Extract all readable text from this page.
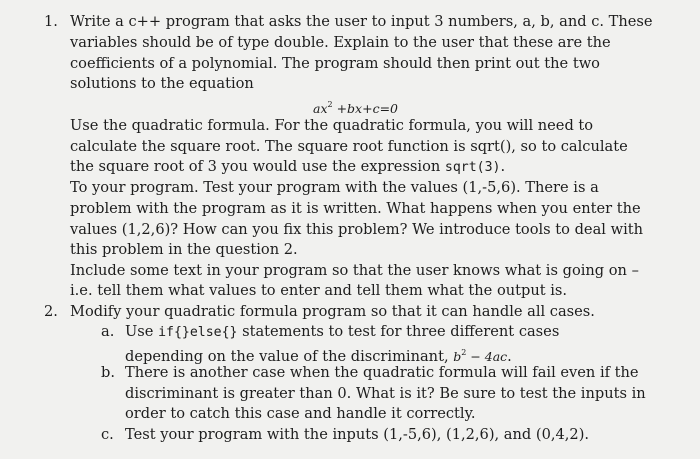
1. Write a c++ program that asks the user to input 3 numbers, a, b, and c. These
variables should be of type double. Explain to the user that these are the
coefficients of a polynomial. The program should then print out the two
solutions to the equation
$ax^2 +bx+c=0$
Use the quadratic formula. For the quadratic formula, you will need to
calculate the square root. The square root function is sqrt(), so to calculate
the square root of 3 you would use the expression sqrt(3).
To your program. Test your program with the values (1,-5,6). There is a
problem with the program as it is written. What happens when you enter the
values (1,2,6)? How can you fix this problem? We introduce tools to deal with
this problem in the question 2.
Include some text in your program so that the user knows what is going on –
i.e. tell them what values to enter and tell them what the output is.
2. Modify your quadratic formula program so that it can handle all cases.
a. Use if{}else{} statements to test for three different cases
depending on the value of the discriminant, $b^2 - 4ac$.
b. There is another case when the quadratic formula will fail even if the
discriminant is greater than 0. What is it? Be sure to test the inputs in
order to catch this case and handle it correctly.
c. Test your program with the inputs (1,-5,6), (1,2,6), and (0,4,2).
